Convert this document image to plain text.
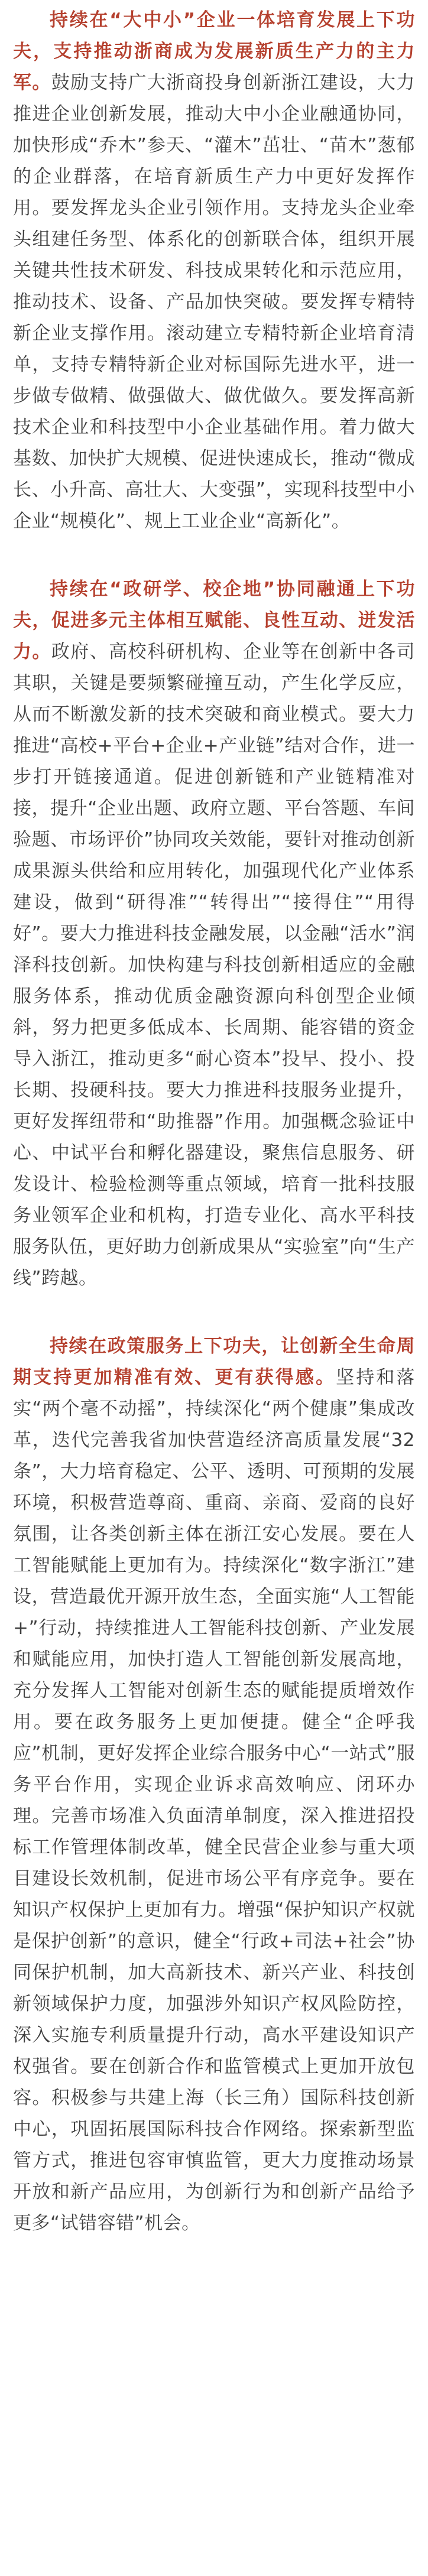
持续在“大中小”企业一体培育发展上下功夫，支持推动浙商成为发展新质生产力的主力军。鼓励支持广大浙商投身创新浙江建设，大力推进企业创新发展，推动大中小企业融通协同，加快形成“乔木”参天、“灌木”茁壮、“苗木”葱郁的企业群落，在培育新质生产力中更好发挥作用。要发挥龙头企业引领作用。支持龙头企业牵头组建任务型、体系化的创新联合体，组织开展关键共性技术研发、科技成果转化和示范应用，推动技术、设备、产品加快突破。要发挥专精特新企业支撑作用。滚动建立专精特新企业培育清单，支持专精特新企业对标国际先进水平，进一步做专做精、做强做大、做优做久。要发挥高新技术企业和科技型中小企业基础作用。着力做大基数、加快扩大规模、促进快速成长，推动“微成长、小升高、高壮大、大变强”，实现科技型中小企业“规模化”、规上工业企业“高新化”。

持续在“政研学、校企地”协同融通上下功夫，促进多元主体相互赋能、良性互动、迸发活力。政府、高校科研机构、企业等在创新中各司其职，关键是要频繁碰撞互动，产生化学反应，从而不断激发新的技术突破和商业模式。要大力推进“高校+平台+企业+产业链”结对合作，进一步打开链接通道。促进创新链和产业链精准对接，提升“企业出题、政府立题、平台答题、车间验题、市场评价”协同攻关效能，要针对推动创新成果源头供给和应用转化，加强现代化产业体系建设，做到“研得准”“转得出”“接得住”“用得好”。要大力推进科技金融发展，以金融“活水”润泽科技创新。加快构建与科技创新相适应的金融服务体系，推动优质金融资源向科创型企业倾斜，努力把更多低成本、长周期、能容错的资金导入浙江，推动更多“耐心资本”投早、投小、投长期、投硬科技。要大力推进科技服务业提升，更好发挥纽带和“助推器”作用。加强概念验证中心、中试平台和孵化器建设，聚焦信息服务、研发设计、检验检测等重点领域，培育一批科技服务业领军企业和机构，打造专业化、高水平科技服务队伍，更好助力创新成果从“实验室”向“生产线”跨越。

持续在政策服务上下功夫，让创新全生命周期支持更加精准有效、更有获得感。坚持和落实“两个毫不动摇”，持续深化“两个健康”集成改革，迭代完善我省加快营造经济高质量发展“32条”，大力培育稳定、公平、透明、可预期的发展环境，积极营造尊商、重商、亲商、爱商的良好氛围，让各类创新主体在浙江安心发展。要在人工智能赋能上更加有为。持续深化“数字浙江”建设，营造最优开源开放生态，全面实施“人工智能+”行动，持续推进人工智能科技创新、产业发展和赋能应用，加快打造人工智能创新发展高地，充分发挥人工智能对创新生态的赋能提质增效作用。要在政务服务上更加便捷。健全“企呼我应”机制，更好发挥企业综合服务中心“一站式”服务平台作用，实现企业诉求高效响应、闭环办理。完善市场准入负面清单制度，深入推进招投标工作管理体制改革，健全民营企业参与重大项目建设长效机制，促进市场公平有序竞争。要在知识产权保护上更加有力。增强“保护知识产权就是保护创新”的意识，健全“行政+司法+社会”协同保护机制，加大高新技术、新兴产业、科技创新领域保护力度，加强涉外知识产权风险防控，深入实施专利质量提升行动，高水平建设知识产权强省。要在创新合作和监管模式上更加开放包容。积极参与共建上海（长三角）国际科技创新中心，巩固拓展国际科技合作网络。探索新型监管方式，推进包容审慎监管，更大力度推动场景开放和新产品应用，为创新行为和创新产品给予更多“试错容错”机会。
